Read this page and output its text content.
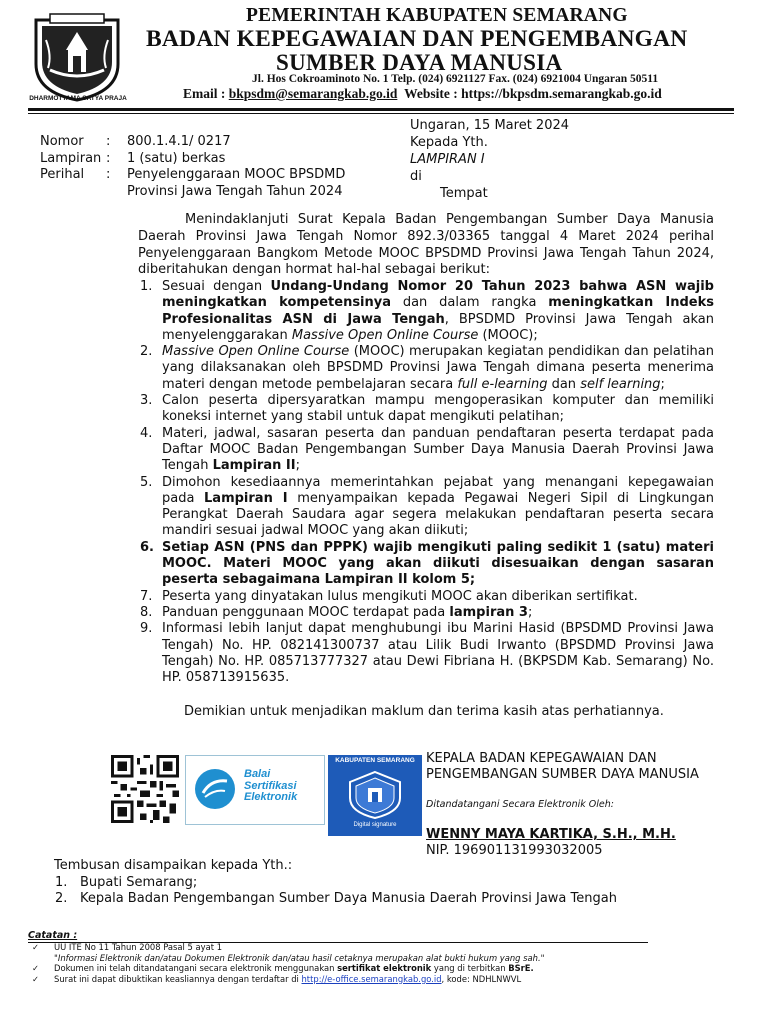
DHARMOTTAMA SATYA PRAJA
PEMERINTAH KABUPATEN SEMARANG
BADAN KEPEGAWAIAN DAN PENGEMBANGAN
SUMBER DAYA MANUSIA
Jl. Hos Cokroaminoto No. 1 Telp. (024) 6921127 Fax. (024) 6921004 Ungaran 50511
Email : bkpsdm@semarangkab.go.id Website : https://bkpsdm.semarangkab.go.id
Nomor	:	800.1.4.1/ 0217
Lampiran	:	1 (satu) berkas
Perihal	:	Penyelenggaraan MOOC BPSDMD
Provinsi Jawa Tengah Tahun 2024
Ungaran, 15 Maret 2024
Kepada Yth.
LAMPIRAN I
di
Tempat
Menindaklanjuti Surat Kepala Badan Pengembangan Sumber Daya Manusia Daerah Provinsi Jawa Tengah Nomor 892.3/03365 tanggal 4 Maret 2024 perihal Penyelenggaraan Bangkom Metode MOOC BPSDMD Provinsi Jawa Tengah Tahun 2024, diberitahukan dengan hormat hal-hal sebagai berikut:
1. Sesuai dengan Undang-Undang Nomor 20 Tahun 2023 bahwa ASN wajib meningkatkan kompetensinya dan dalam rangka meningkatkan Indeks Profesionalitas ASN di Jawa Tengah, BPSDMD Provinsi Jawa Tengah akan menyelenggarakan Massive Open Online Course (MOOC);
2. Massive Open Online Course (MOOC) merupakan kegiatan pendidikan dan pelatihan yang dilaksanakan oleh BPSDMD Provinsi Jawa Tengah dimana peserta menerima materi dengan metode pembelajaran secara full e-learning dan self learning;
3. Calon peserta dipersyaratkan mampu mengoperasikan komputer dan memiliki koneksi internet yang stabil untuk dapat mengikuti pelatihan;
4. Materi, jadwal, sasaran peserta dan panduan pendaftaran peserta terdapat pada Daftar MOOC Badan Pengembangan Sumber Daya Manusia Daerah Provinsi Jawa Tengah Lampiran II;
5. Dimohon kesediaannya memerintahkan pejabat yang menangani kepegawaian pada Lampiran I menyampaikan kepada Pegawai Negeri Sipil di Lingkungan Perangkat Daerah Saudara agar segera melakukan pendaftaran peserta secara mandiri sesuai jadwal MOOC yang akan diikuti;
6. Setiap ASN (PNS dan PPPK) wajib mengikuti paling sedikit 1 (satu) materi MOOC. Materi MOOC yang akan diikuti disesuaikan dengan sasaran peserta sebagaimana Lampiran II kolom 5;
7. Peserta yang dinyatakan lulus mengikuti MOOC akan diberikan sertifikat.
8. Panduan penggunaan MOOC terdapat pada lampiran 3;
9. Informasi lebih lanjut dapat menghubungi ibu Marini Hasid (BPSDMD Provinsi Jawa Tengah) No. HP. 082141300737 atau Lilik Budi Irwanto (BPSDMD Provinsi Jawa Tengah) No. HP. 085713777327 atau Dewi Fibriana H. (BKPSDM Kab. Semarang) No. HP. 058713915635.
Demikian untuk menjadikan maklum dan terima kasih atas perhatiannya.
Balai
Sertifikasi
Elektronik
KABUPATEN SEMARANG
Digital signature
KEPALA BADAN KEPEGAWAIAN DAN
PENGEMBANGAN SUMBER DAYA MANUSIA
Ditandatangani Secara Elektronik Oleh:
WENNY MAYA KARTIKA, S.H., M.H.
NIP. 196901131993032005
Tembusan disampaikan kepada Yth.:
1. Bupati Semarang;
2. Kepala Badan Pengembangan Sumber Daya Manusia Daerah Provinsi Jawa Tengah
Catatan :
✓ UU ITE No 11 Tahun 2008 Pasal 5 ayat 1
"Informasi Elektronik dan/atau Dokumen Elektronik dan/atau hasil cetaknya merupakan alat bukti hukum yang sah."
✓ Dokumen ini telah ditandatangani secara elektronik menggunakan sertifikat elektronik yang di terbitkan BSrE.
✓ Surat ini dapat dibuktikan keasliannya dengan terdaftar di http://e-office.semarangkab.go.id, kode: NDHLNWVL
